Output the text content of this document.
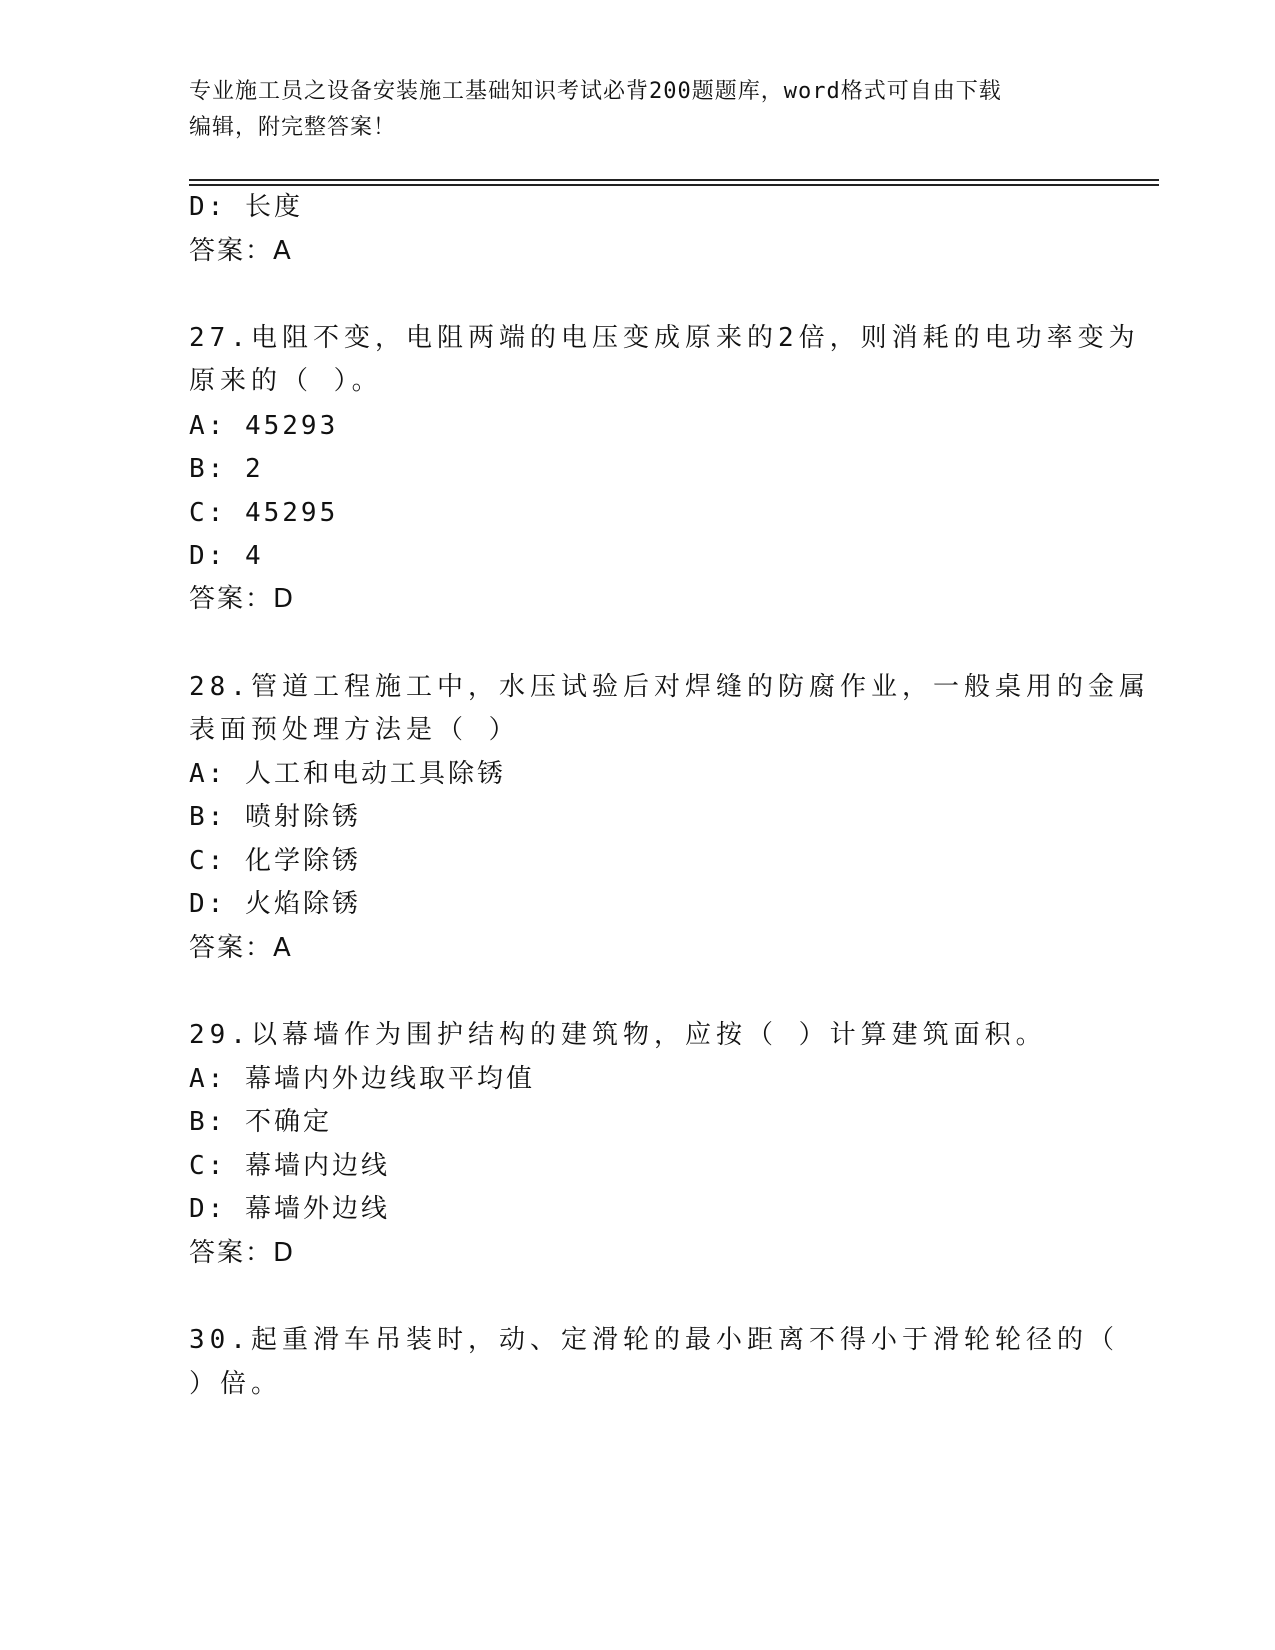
专业施工员之设备安装施工基础知识考试必背200题题库，word格式可自由下载
编辑，附完整答案！

D: 长度

答案：A

27.电阻不变，电阻两端的电压变成原来的2倍，则消耗的电功率变为

原来的（ ）。

A: 45293

B: 2

C: 45295

D: 4

答案：D

28.管道工程施工中，水压试验后对焊缝的防腐作业，一般桌用的金属

表面预处理方法是（ ）

A: 人工和电动工具除锈

B: 喷射除锈

C: 化学除锈

D: 火焰除锈

答案：A

29.以幕墙作为围护结构的建筑物，应按（ ）计算建筑面积。

A: 幕墙内外边线取平均值

B: 不确定

C: 幕墙内边线

D: 幕墙外边线

答案：D

30.起重滑车吊装时，动、定滑轮的最小距离不得小于滑轮轮径的（

）倍。
